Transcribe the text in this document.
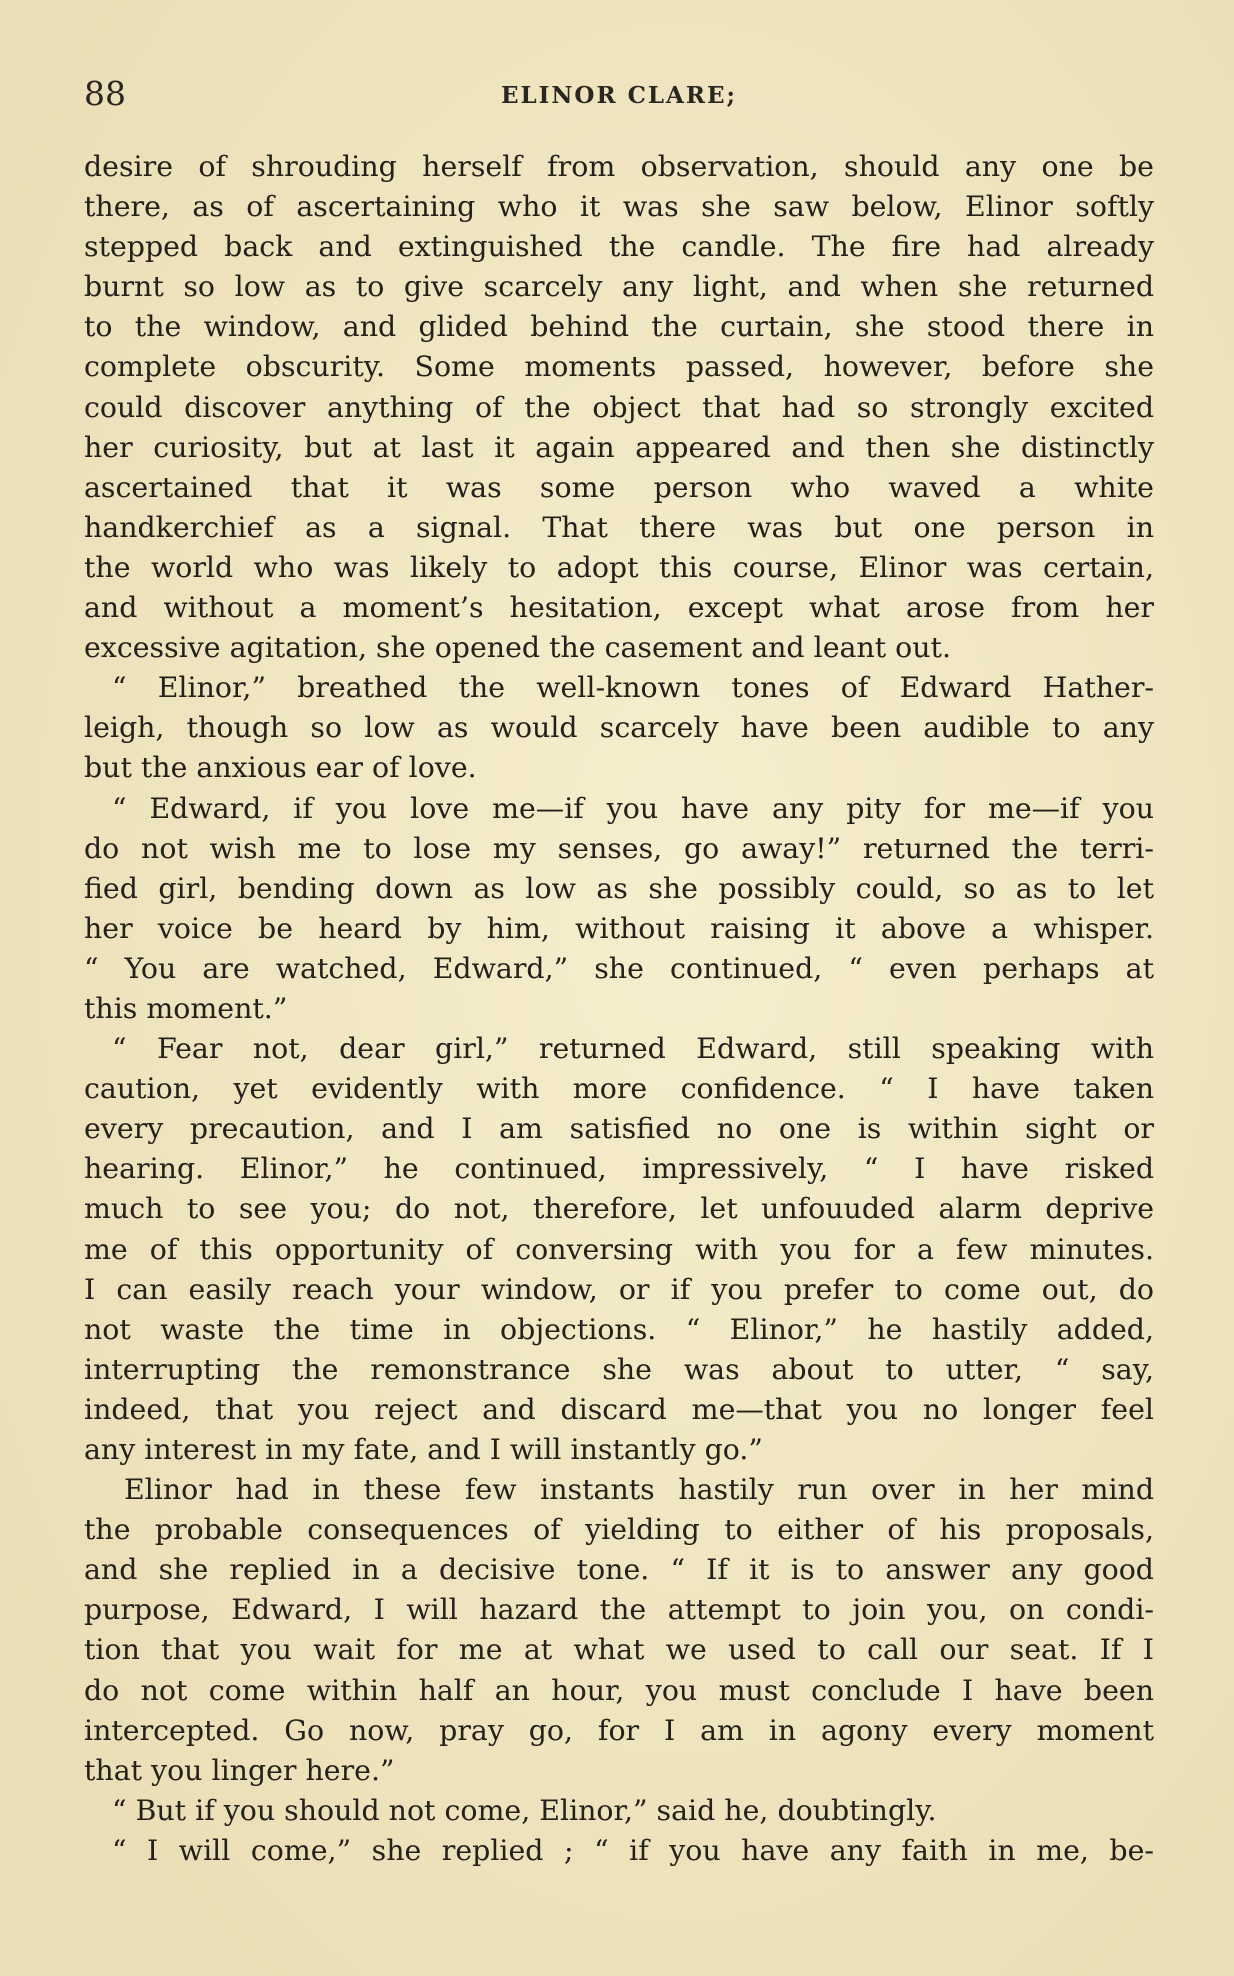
88	ELINOR CLARE;
desire of shrouding herself from observation, should any one be
there, as of ascertaining who it was she saw below, Elinor softly
stepped back and extinguished the candle. The fire had already
burnt so low as to give scarcely any light, and when she returned
to the window, and glided behind the curtain, she stood there in
complete obscurity. Some moments passed, however, before she
could discover anything of the object that had so strongly excited
her curiosity, but at last it again appeared and then she distinctly
ascertained that it was some person who waved a white
handkerchief as a signal. That there was but one person in
the world who was likely to adopt this course, Elinor was certain,
and without a moment’s hesitation, except what arose from her
excessive agitation, she opened the casement and leant out.
“ Elinor,” breathed the well-known tones of Edward Hather-
leigh, though so low as would scarcely have been audible to any
but the anxious ear of love.
“ Edward, if you love me—if you have any pity for me—if you
do not wish me to lose my senses, go away!” returned the terri-
fied girl, bending down as low as she possibly could, so as to let
her voice be heard by him, without raising it above a whisper.
“ You are watched, Edward,” she continued, “ even perhaps at
this moment.”
“ Fear not, dear girl,” returned Edward, still speaking with
caution, yet evidently with more confidence. “ I have taken
every precaution, and I am satisfied no one is within sight or
hearing. Elinor,” he continued, impressively, “ I have risked
much to see you; do not, therefore, let unfouuded alarm deprive
me of this opportunity of conversing with you for a few minutes.
I can easily reach your window, or if you prefer to come out, do
not waste the time in objections. “ Elinor,” he hastily added,
interrupting the remonstrance she was about to utter, “ say,
indeed, that you reject and discard me—that you no longer feel
any interest in my fate, and I will instantly go.”
Elinor had in these few instants hastily run over in her mind
the probable consequences of yielding to either of his proposals,
and she replied in a decisive tone. “ If it is to answer any good
purpose, Edward, I will hazard the attempt to join you, on condi-
tion that you wait for me at what we used to call our seat. If I
do not come within half an hour, you must conclude I have been
intercepted. Go now, pray go, for I am in agony every moment
that you linger here.”
“ But if you should not come, Elinor,” said he, doubtingly.
“ I will come,” she replied ; “ if you have any faith in me, be-
